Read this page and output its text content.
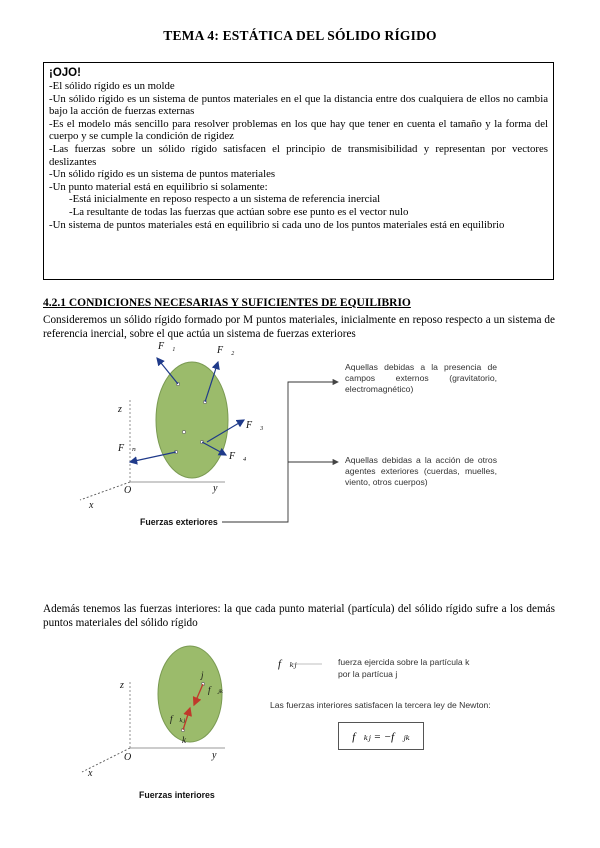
TEMA 4: ESTÁTICA DEL SÓLIDO RÍGIDO
¡OJO!
-El sólido rígido es un molde
-Un sólido rígido es un sistema de puntos materiales en el que la distancia entre dos cualquiera de ellos no cambia bajo la acción de fuerzas externas
-Es el modelo más sencillo para resolver problemas en los que hay que tener en cuenta el tamaño y la forma del cuerpo y se cumple la condición de rigidez
-Las fuerzas sobre un sólido rígido satisfacen el principio de transmisibilidad y representan por vectores deslizantes
-Un sólido rígido es un sistema de puntos materiales
-Un punto material está en equilibrio si solamente:
-Está inicialmente en reposo respecto a un sistema de referencia inercial
-La resultante de todas las fuerzas que actúan sobre ese punto es el vector nulo
-Un sistema de puntos materiales está en equilibrio si cada uno de los puntos materiales está en equilibrio
4.2.1 CONDICIONES NECESARIAS Y SUFICIENTES DE EQUILIBRIO
Consideremos un sólido rígido formado por M puntos materiales, inicialmente en reposo respecto a un sistema de referencia inercial, sobre el que actúa un sistema de fuerzas exteriores
F⃗₁	F⃗₂
F⃗₃
F⃗₄
F⃗ₙ
z
y
x
O
Aquellas debidas a la presencia de campos externos (gravitatorio, electromagnético)
Aquellas debidas a la acción de otros agentes exteriores (cuerdas, muelles, viento, otros cuerpos)
Fuerzas exteriores
Además tenemos las fuerzas interiores: la que cada punto material (partícula) del sólido rígido sufre a los demás puntos materiales del sólido rígido
j
f⃗ⱼₖ
f⃗ₖⱼ
k
z
y
x
O
f⃗ₖⱼ	fuerza ejercida sobre la partícula k
por la partícua j
Las fuerzas interiores satisfacen la tercera ley de Newton:
f⃗ₖⱼ = −f⃗ⱼₖ
Fuerzas interiores
